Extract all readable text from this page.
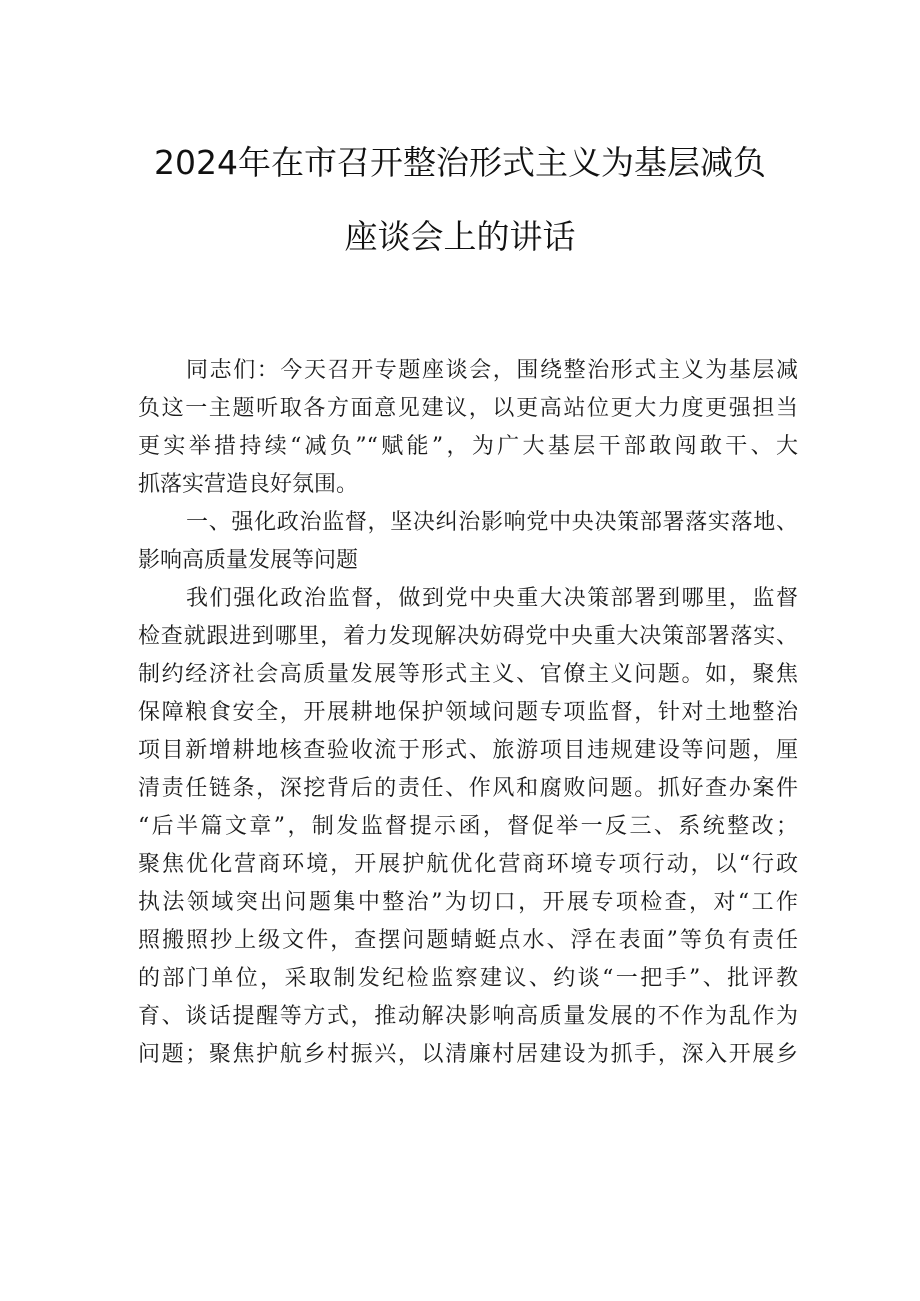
2024年在市召开整治形式主义为基层减负
座谈会上的讲话
同志们：今天召开专题座谈会，围绕整治形式主义为基层减
负这一主题听取各方面意见建议，以更高站位更大力度更强担当
更实举措持续“减负”“赋能”，为广大基层干部敢闯敢干、大
抓落实营造良好氛围。
一、强化政治监督，坚决纠治影响党中央决策部署落实落地、
影响高质量发展等问题
我们强化政治监督，做到党中央重大决策部署到哪里，监督
检查就跟进到哪里，着力发现解决妨碍党中央重大决策部署落实、
制约经济社会高质量发展等形式主义、官僚主义问题。如，聚焦
保障粮食安全，开展耕地保护领域问题专项监督，针对土地整治
项目新增耕地核查验收流于形式、旅游项目违规建设等问题，厘
清责任链条，深挖背后的责任、作风和腐败问题。抓好查办案件
“后半篇文章”，制发监督提示函，督促举一反三、系统整改；
聚焦优化营商环境，开展护航优化营商环境专项行动，以“行政
执法领域突出问题集中整治”为切口，开展专项检查，对“工作
照搬照抄上级文件，查摆问题蜻蜓点水、浮在表面”等负有责任
的部门单位，采取制发纪检监察建议、约谈“一把手”、批评教
育、谈话提醒等方式，推动解决影响高质量发展的不作为乱作为
问题；聚焦护航乡村振兴，以清廉村居建设为抓手，深入开展乡
